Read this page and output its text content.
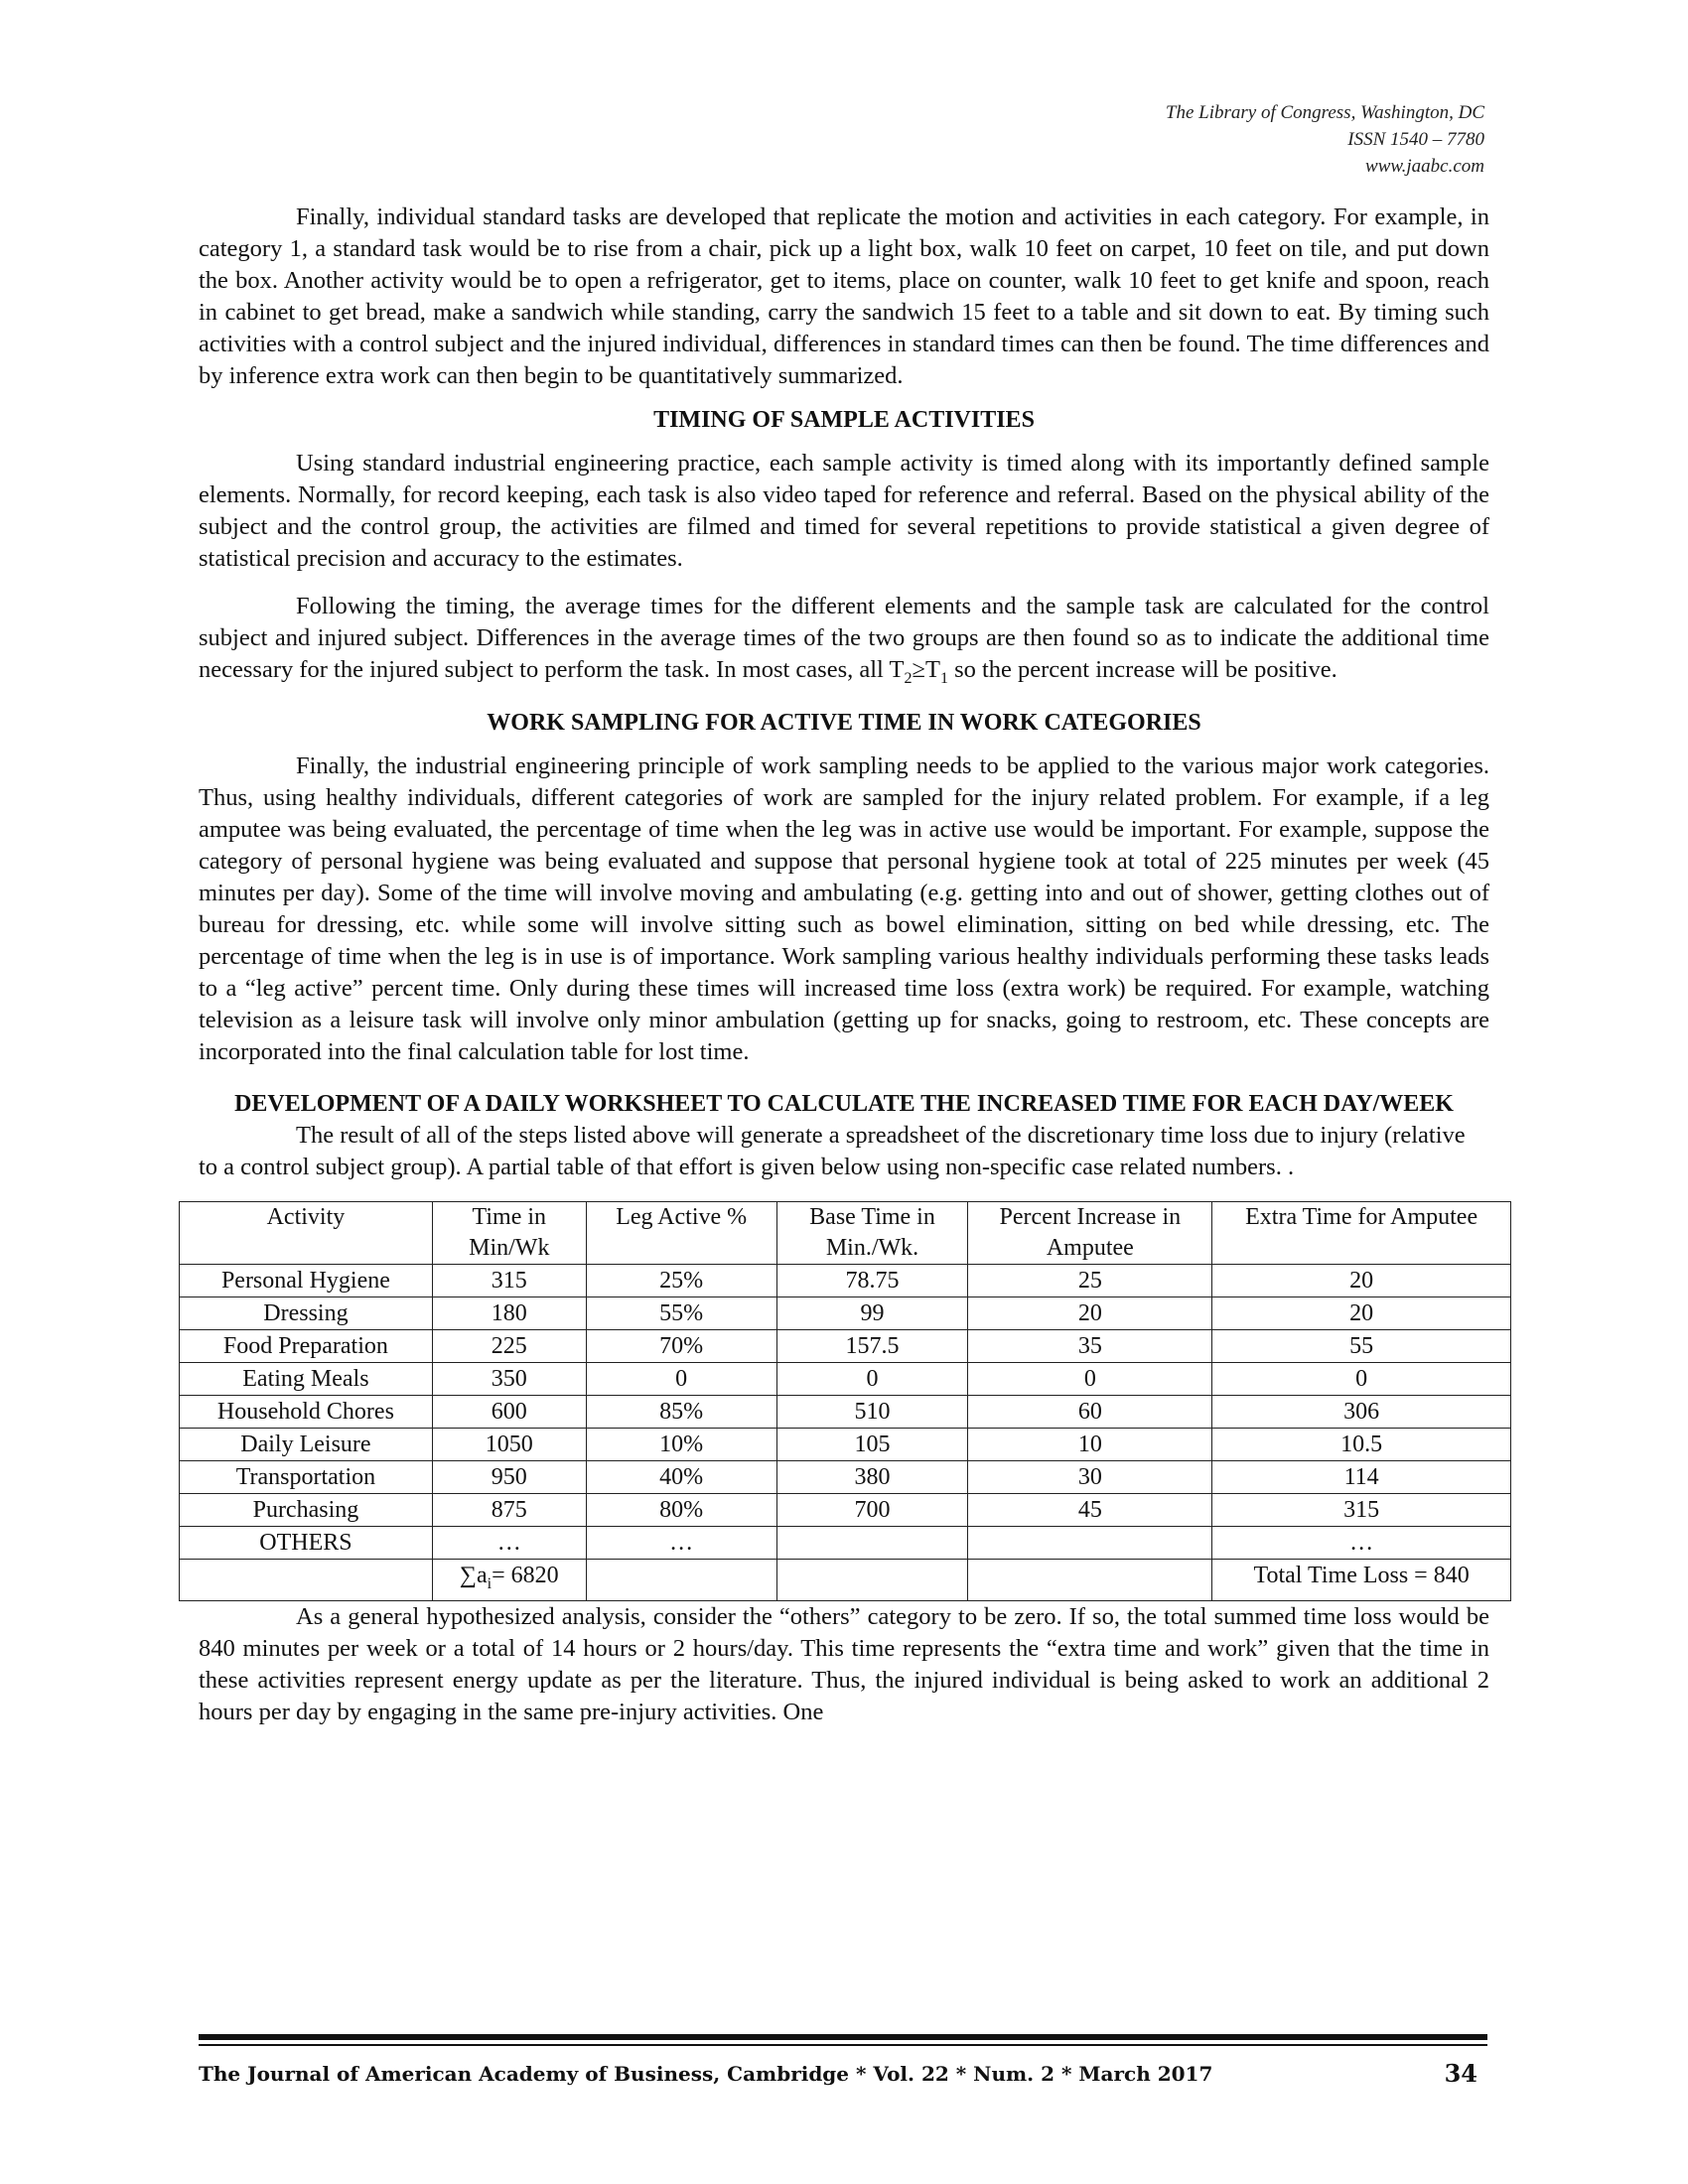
The Library of Congress, Washington, DC
ISSN 1540 – 7780
www.jaabc.com

Finally, individual standard tasks are developed that replicate the motion and activities in each category. For example, in category 1, a standard task would be to rise from a chair, pick up a light box, walk 10 feet on carpet, 10 feet on tile, and put down the box. Another activity would be to open a refrigerator, get to items, place on counter, walk 10 feet to get knife and spoon, reach in cabinet to get bread, make a sandwich while standing, carry the sandwich 15 feet to a table and sit down to eat. By timing such activities with a control subject and the injured individual, differences in standard times can then be found. The time differences and by inference extra work can then begin to be quantitatively summarized.

TIMING OF SAMPLE ACTIVITIES

Using standard industrial engineering practice, each sample activity is timed along with its importantly defined sample elements. Normally, for record keeping, each task is also video taped for reference and referral. Based on the physical ability of the subject and the control group, the activities are filmed and timed for several repetitions to provide statistical a given degree of statistical precision and accuracy to the estimates.

Following the timing, the average times for the different elements and the sample task are calculated for the control subject and injured subject. Differences in the average times of the two groups are then found so as to indicate the additional time necessary for the injured subject to perform the task. In most cases, all $T_2\ge T_1$ so the percent increase will be positive.

WORK SAMPLING FOR ACTIVE TIME IN WORK CATEGORIES

Finally, the industrial engineering principle of work sampling needs to be applied to the various major work categories. Thus, using healthy individuals, different categories of work are sampled for the injury related problem. For example, if a leg amputee was being evaluated, the percentage of time when the leg was in active use would be important. For example, suppose the category of personal hygiene was being evaluated and suppose that personal hygiene took at total of 225 minutes per week (45 minutes per day). Some of the time will involve moving and ambulating (e.g. getting into and out of shower, getting clothes out of bureau for dressing, etc. while some will involve sitting such as bowel elimination, sitting on bed while dressing, etc. The percentage of time when the leg is in use is of importance. Work sampling various healthy individuals performing these tasks leads to a “leg active” percent time. Only during these times will increased time loss (extra work) be required. For example, watching television as a leisure task will involve only minor ambulation (getting up for snacks, going to restroom, etc. These concepts are incorporated into the final calculation table for lost time.

DEVELOPMENT OF A DAILY WORKSHEET TO CALCULATE THE INCREASED TIME FOR EACH DAY/WEEK

The result of all of the steps listed above will generate a spreadsheet of the discretionary time loss due to injury (relative to a control subject group). A partial table of that effort is given below using non-specific case related numbers. .

Activity	Time in Min/Wk	Leg Active %	Base Time in Min./Wk.	Percent Increase in Amputee	Extra Time for Amputee
Personal Hygiene	315	25%	78.75	25	20
Dressing	180	55%	99	20	20
Food Preparation	225	70%	157.5	35	55
Eating Meals	350	0	0	0	0
Household Chores	600	85%	510	60	306
Daily Leisure	1050	10%	105	10	10.5
Transportation	950	40%	380	30	114
Purchasing	875	80%	700	45	315
OTHERS	…	…			…
	$\sum a_i= 6820$				Total Time Loss = 840

As a general hypothesized analysis, consider the “others” category to be zero. If so, the total summed time loss would be 840 minutes per week or a total of 14 hours or 2 hours/day. This time represents the “extra time and work” given that the time in these activities represent energy update as per the literature. Thus, the injured individual is being asked to work an additional 2 hours per day by engaging in the same pre-injury activities. One

The Journal of American Academy of Business, Cambridge * Vol. 22 * Num. 2 * March 2017	34
